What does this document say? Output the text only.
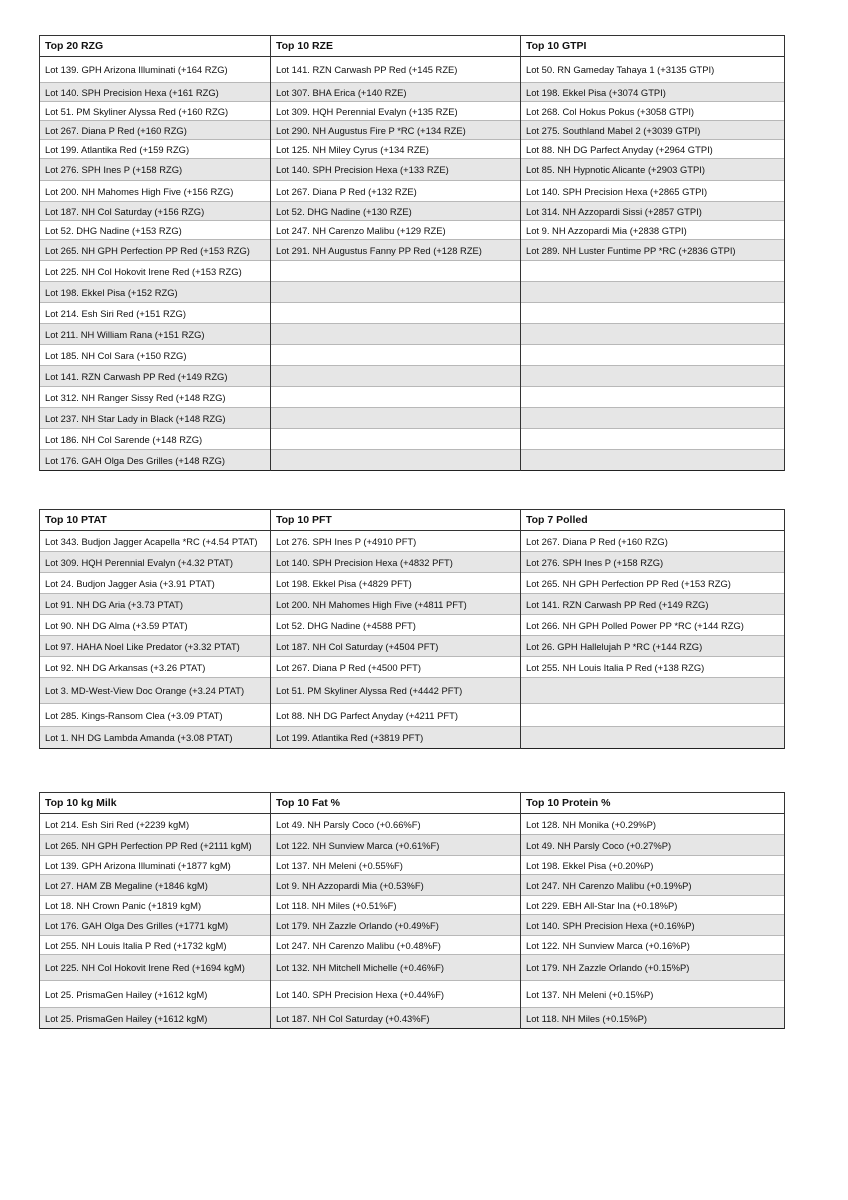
Top 20 RZG	Top 10 RZE	Top 10 GTPI
Lot 139. GPH Arizona Illuminati (+164 RZG)	Lot 141. RZN Carwash PP Red (+145 RZE)	Lot 50. RN Gameday Tahaya 1 (+3135 GTPI)
Lot 140. SPH Precision Hexa (+161 RZG)	Lot 307. BHA Erica (+140 RZE)	Lot 198. Ekkel Pisa (+3074 GTPI)
Lot 51. PM Skyliner Alyssa Red (+160 RZG)	Lot 309. HQH Perennial Evalyn (+135 RZE)	Lot 268. Col Hokus Pokus (+3058 GTPI)
Lot 267. Diana P Red (+160 RZG)	Lot 290. NH Augustus Fire P *RC (+134 RZE)	Lot 275. Southland Mabel 2 (+3039 GTPI)
Lot 199. Atlantika Red (+159 RZG)	Lot 125. NH Miley Cyrus (+134 RZE)	Lot 88. NH DG Parfect Anyday (+2964 GTPI)
Lot 276. SPH Ines P (+158 RZG)	Lot 140. SPH Precision Hexa (+133 RZE)	Lot 85. NH Hypnotic Alicante (+2903 GTPI)
Lot 200. NH Mahomes High Five (+156 RZG)	Lot 267. Diana P Red (+132 RZE)	Lot 140. SPH Precision Hexa (+2865 GTPI)
Lot 187. NH Col Saturday (+156 RZG)	Lot 52. DHG Nadine (+130 RZE)	Lot 314. NH Azzopardi Sissi (+2857 GTPI)
Lot 52. DHG Nadine (+153 RZG)	Lot 247. NH Carenzo Malibu (+129 RZE)	Lot 9. NH Azzopardi Mia (+2838 GTPI)
Lot 265. NH GPH Perfection PP Red (+153 RZG)	Lot 291. NH Augustus Fanny PP Red (+128 RZE)	Lot 289. NH Luster Funtime PP *RC (+2836 GTPI)
Lot 225. NH Col Hokovit Irene Red (+153 RZG)		
Lot 198. Ekkel Pisa (+152 RZG)		
Lot 214. Esh Siri Red (+151 RZG)		
Lot 211. NH William Rana (+151 RZG)		
Lot 185. NH Col Sara (+150 RZG)		
Lot 141. RZN Carwash PP Red (+149 RZG)		
Lot 312. NH Ranger Sissy Red (+148 RZG)		
Lot 237. NH Star Lady in Black (+148 RZG)		
Lot 186. NH Col Sarende (+148 RZG)		
Lot 176. GAH Olga Des Grilles (+148 RZG)		
Top 10 PTAT	Top 10 PFT	Top 7 Polled
Lot 343. Budjon Jagger Acapella *RC (+4.54 PTAT)	Lot 276. SPH Ines P (+4910 PFT)	Lot 267. Diana P Red (+160 RZG)
Lot 309. HQH Perennial Evalyn (+4.32 PTAT)	Lot 140. SPH Precision Hexa (+4832 PFT)	Lot 276. SPH Ines P (+158 RZG)
Lot 24. Budjon Jagger Asia (+3.91 PTAT)	Lot 198. Ekkel Pisa (+4829 PFT)	Lot 265. NH GPH Perfection PP Red (+153 RZG)
Lot 91. NH DG Aria (+3.73 PTAT)	Lot 200. NH Mahomes High Five (+4811 PFT)	Lot 141. RZN Carwash PP Red (+149 RZG)
Lot 90. NH DG Alma (+3.59 PTAT)	Lot 52. DHG Nadine (+4588 PFT)	Lot 266. NH GPH Polled Power PP *RC (+144 RZG)
Lot 97. HAHA Noel Like Predator (+3.32 PTAT)	Lot 187. NH Col Saturday (+4504 PFT)	Lot 26. GPH Hallelujah P *RC (+144 RZG)
Lot 92. NH DG Arkansas (+3.26 PTAT)	Lot 267. Diana P Red (+4500 PFT)	Lot 255. NH Louis Italia P Red (+138 RZG)
Lot 3. MD-West-View Doc Orange (+3.24 PTAT)	Lot 51. PM Skyliner Alyssa Red (+4442 PFT)	
Lot 285. Kings-Ransom Clea (+3.09 PTAT)	Lot 88. NH DG Parfect Anyday (+4211 PFT)	
Lot 1. NH DG Lambda Amanda (+3.08 PTAT)	Lot 199. Atlantika Red (+3819 PFT)	
Top 10 kg Milk	Top 10 Fat %	Top 10 Protein %
Lot 214. Esh Siri Red (+2239 kgM)	Lot 49. NH Parsly Coco (+0.66%F)	Lot 128. NH Monika (+0.29%P)
Lot 265. NH GPH Perfection PP Red (+2111 kgM)	Lot 122. NH Sunview Marca (+0.61%F)	Lot 49. NH Parsly Coco (+0.27%P)
Lot 139. GPH Arizona Illuminati (+1877 kgM)	Lot 137. NH Meleni (+0.55%F)	Lot 198. Ekkel Pisa (+0.20%P)
Lot 27. HAM ZB Megaline (+1846 kgM)	Lot 9. NH Azzopardi Mia (+0.53%F)	Lot 247. NH Carenzo Malibu (+0.19%P)
Lot 18. NH Crown Panic (+1819 kgM)	Lot 118. NH Miles (+0.51%F)	Lot 229. EBH All-Star Ina (+0.18%P)
Lot 176. GAH Olga Des Grilles (+1771 kgM)	Lot 179. NH Zazzle Orlando (+0.49%F)	Lot 140. SPH Precision Hexa (+0.16%P)
Lot 255. NH Louis Italia P Red (+1732 kgM)	Lot 247. NH Carenzo Malibu (+0.48%F)	Lot 122. NH Sunview Marca (+0.16%P)
Lot 225. NH Col Hokovit Irene Red (+1694 kgM)	Lot 132. NH Mitchell Michelle (+0.46%F)	Lot 179. NH Zazzle Orlando (+0.15%P)
Lot 25. PrismaGen Hailey (+1612 kgM)	Lot 140. SPH Precision Hexa (+0.44%F)	Lot 137. NH Meleni (+0.15%P)
Lot 25. PrismaGen Hailey (+1612 kgM)	Lot 187. NH Col Saturday (+0.43%F)	Lot 118. NH Miles (+0.15%P)
